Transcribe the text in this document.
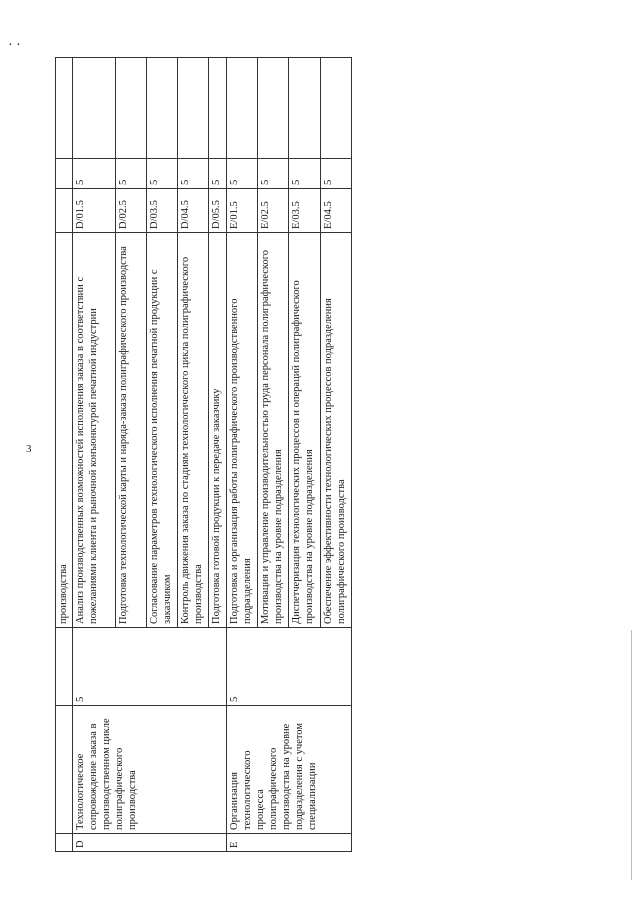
· ·
3
			производства			
D	Технологическое сопровождение заказа в производственном цикле полиграфического производства	5	Анализ производственных возможностей исполнения заказа в соответствии с пожеланиями клиента и рыночной конъюнктурой печатной индустрии	D/01.5	5	
			Подготовка технологической карты и наряда-заказа полиграфического производства	D/02.5	5	
			Согласование параметров технологического исполнения печатной продукции с заказчиком	D/03.5	5	
			Контроль движения заказа по стадиям технологического цикла полиграфического производства	D/04.5	5	
			Подготовка готовой продукции к передаче заказчику	D/05.5	5	
E	Организация технологического процесса полиграфического производства на уровне подразделения с учетом специализации	5	Подготовка и организация работы полиграфического производственного подразделения	E/01.5	5	
			Мотивация и управление производительностью труда персонала полиграфического производства на уровне подразделения	E/02.5	5	
			Диспетчеризация технологических процессов и операций полиграфического производства на уровне подразделения	E/03.5	5	
			Обеспечение эффективности технологических процессов подразделения полиграфического производства	E/04.5	5	
